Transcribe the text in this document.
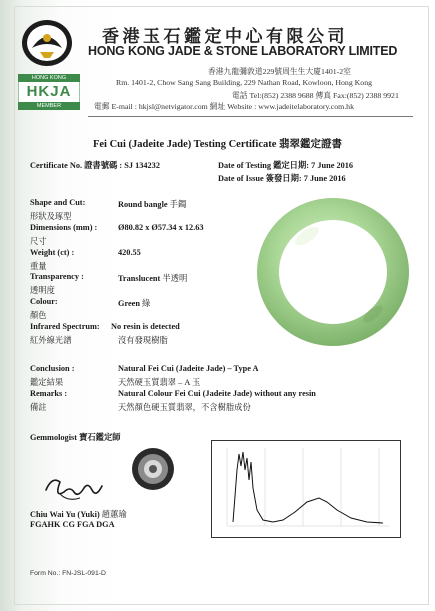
HONG KONG
HKJA
MEMBER
香港玉石鑑定中心有限公司
HONG KONG JADE & STONE LABORATORY LIMITED
香港九龍彌敦道229號周生生大廈1401-2室
Rm. 1401-2, Chow Sang Sang Building, 229 Nathan Road, Kowloon, Hong Kong
電話 Tel:(852) 2388 9688 傳真 Fax:(852) 2388 9921
電郵 E-mail : hkjsl@netvigator.com 網址 Website : www.jadeitelaboratory.com.hk
Fei Cui (Jadeite Jade) Testing Certificate 翡翠鑑定證書
Certificate No. 證書號碼 : SJ 134232	Date of Testing 鑑定日期: 7 June 2016
Date of Issue 簽發日期: 7 June 2016
Shape and Cut:
形狀及琢型
Round bangle 手鐲
Dimensions (mm) :
尺寸
Ø80.82 x Ø57.34 x 12.63
Weight (ct) :
重量
420.55
Transparency :
透明度
Translucent 半透明
Colour:
顏色
Green 綠
Infrared Spectrum:
紅外線光譜
No resin is detected
沒有發現樹脂
Conclusion :
鑑定結果
Natural Fei Cui (Jadeite Jade) – Type A
天然硬玉質翡翠 – A 玉
Remarks :
備註
Natural Colour Fei Cui (Jadeite Jade) without any resin
天然顏色硬玉質翡翠，不含樹脂成份
Gemmologist 寶石鑑定師
Chiu Wai Yu (Yuki) 趙蕙瑜
FGAHK CG FGA DGA
Form No.: FN-JSL-091-D
